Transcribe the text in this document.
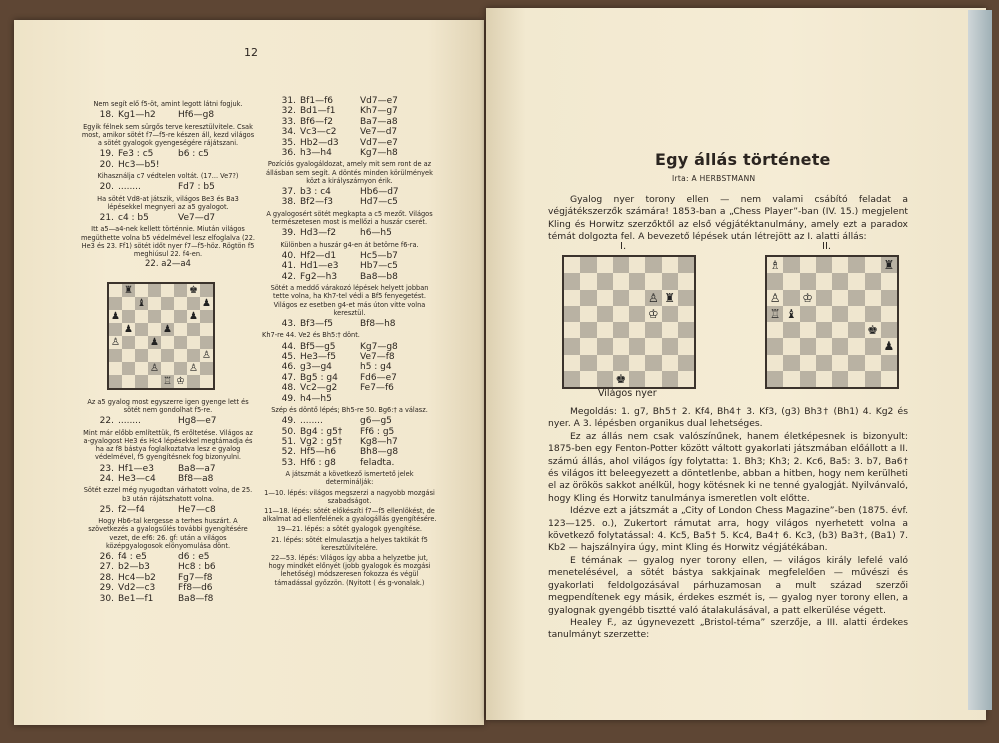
12
Nem segít elő f5-öt, amint legott látni fogjuk.
18. Kg1—h2	Hf6—g8
Egyik félnek sem sürgős terve keresztülvitele. Csak most, amikor sötét f7—f5-re készen áll, kezd világos a sötét gyalogok gyengeségére rájátszani.
19. Fe3 : c5	b6 : c5
20. Hc3—b5!
Kihasználja c7 védtelen voltát. (17... Ve7?)
20. ........	Fd7 : b5
Ha sötét Vd8-at játszik, világos Be3 és Ba3 lépésekkel megnyeri az a5 gyalogot.
21. c4 : b5	Ve7—d7
Itt a5—a4-nek kellett történnie. Miután világos megüthette volna b5 védelmével lesz elfoglalva (22. He3 és 23. Ff1) sötét időt nyer f7—f5-höz. Rögtön f5 meghiúsul 22. f4-en.
22. a2—a4
Az a5 gyalog most egyszerre igen gyenge lett és sötét nem gondolhat f5-re.
22. ........	Hg8—e7
Mint már előbb említettük, f5 erőltetése. Világos az a-gyalogost He3 és Hc4 lépésekkel megtámadja és ha az f8 bástya foglalkoztatva lesz e gyalog védelmével, f5 gyengítésnek fog bizonyulni.
23. Hf1—e3	Ba8—a7
24. He3—c4	Bf8—a8
Sötét ezzel még nyugodtan várhatott volna, de 25. b3 után rájátszhatott volna.
25. f2—f4	He7—c8
Hogy Hb6-tal kergesse a terhes huszárt. A szövetkezés a gyalogsűlés további gyengítésére vezet, de ef6: 26. gf: után a világos középgyalogosok elönyomulása dönt.
26. f4 : e5	d6 : e5
27. b2—b3	Hc8 : b6
28. Hc4—b2	Fg7—f8
29. Vd2—c3	Ff8—d6
30. Be1—f1	Ba8—f8
31. Bf1—f6	Vd7—e7
32. Bd1—f1	Kh7—g7
33. Bf6—f2	Ba7—a8
34. Vc3—c2	Ve7—d7
35. Hb2—d3	Vd7—e7
36. h3—h4	Kg7—h8
Pozíciós gyalogáldozat, amely mit sem ront de az állásban sem segít. A döntés minden körülmények közt a királyszárnyon érik.
37. b3 : c4	Hb6—d7
38. Bf2—f3	Hd7—c5
A gyalogosért sötét megkapta a c5 mezőt. Világos természetesen most is mellőzi a huszár cserét.
39. Hd3—f2	h6—h5
Különben a huszár g4-en át betörne f6-ra.
40. Hf2—d1	Hc5—b7
41. Hd1—e3	Hb7—c5
42. Fg2—h3	Ba8—b8
Sötét a meddő várakozó lépések helyett jobban tette volna, ha Kh7-tel védi a Bf5 fenyegetést. Világos ez esetben g4-et más úton vitte volna keresztül.
43. Bf3—f5	Bf8—h8
Kh7-re 44. Ve2 és Bh5:† dönt.
44. Bf5—g5	Kg7—g8
45. He3—f5	Ve7—f8
46. g3—g4	h5 : g4
47. Bg5 : g4	Fd6—e7
48. Vc2—g2	Fe7—f6
49. h4—h5
Szép és döntő lépés; Bh5-re 50. Bg6:† a válasz.
49. ........	g6—g5
50. Bg4 : g5†	Ff6 : g5
51. Vg2 : g5†	Kg8—h7
52. Hf5—h6	Bh8—g8
53. Hf6 : g8	feladta.
A játszmát a következő ismertető jelek determinálják:
1—10. lépés: világos megszerzi a nagyobb mozgási szabadságot.
11—18. lépés: sötét előkészíti f7—f5 ellenlökést, de alkalmat ad ellenfelének a gyalogállás gyengítésére.
19—21. lépés: a sötét gyalogok gyengítése.
21. lépés: sötét elmulasztja a helyes taktikát f5 keresztülvitelére.
22—53. lépés: Világos így abba a helyzetbe jut, hogy mindkét előnyét (jobb gyalogok és mozgási lehetőség) módszeresen fokozza és végül támadással győzzön. (Nyitott ( és g-vonalak.)
♜	♚
♝	♟
♟	♟
♟	♟
♙	♟
♙
♙	♙
♖ ♔
Egy állás története
Irta: A HERBSTMANN
Gyalog nyer torony ellen — nem valami csábító feladat a végjátékszerzők számára! 1853-ban a „Chess Player”-ban (IV. 15.) megjelent Kling és Horwitz szerzőktől az első végjátéktanulmány, amely ezt a paradox témát dolgozta fel. A bevezető lépések után létrejött az I. alatti állás:
I.	II.
♙ ♜
♔
♚
♗	♜
♙ ♔
♖ ♝
♚
♟
Világos nyer

Megoldás: 1. g7, Bh5† 2. Kf4, Bh4† 3. Kf3, (g3) Bh3† (Bh1) 4. Kg2 és nyer. A 3. lépésben organikus dual lehetséges.

Ez az állás nem csak valószínűnek, hanem életképesnek is bizonyult: 1875-ben egy Fenton-Potter között váltott gyakorlati játszmában előállott a II. számú állás, ahol világos így folytatta: 1. Bh3; Kh3; 2. Kc6, Ba5: 3. b7, Ba6† és világos itt beleegyezett a döntetlenbe, abban a hitben, hogy nem kerülheti el az örökös sakkot anélkül, hogy kötésnek ki ne tenné gyalogját. Nyilvánvaló, hogy Kling és Horwitz tanulmánya ismeretlen volt előtte.

Idézve ezt a játszmát a „City of London Chess Magazine”-ben (1875. évf. 123—125. o.), Zukertort rámutat arra, hogy világos nyerhetett volna a következő folytatással: 4. Kc5, Ba5† 5. Kc4, Ba4† 6. Kc3, (b3) Ba3†, (Ba1) 7. Kb2 — hajszálnyira úgy, mint Kling és Horwitz végjátékában.

E témának — gyalog nyer torony ellen, — világos király lefelé való menetelésével, a sötét bástya sakkjainak megfelelően — művészi és gyakorlati feldolgozásával párhuzamosan a mult század szerzői megpendítenek egy másik, érdekes eszmét is, — gyalog nyer torony ellen, a gyalognak gyengébb tisztté való átalakulásával, a patt elkerülése végett.

Healey F., az úgynevezett „Bristol-téma” szerzője, a III. alatti érdekes tanulmányt szerzette:
